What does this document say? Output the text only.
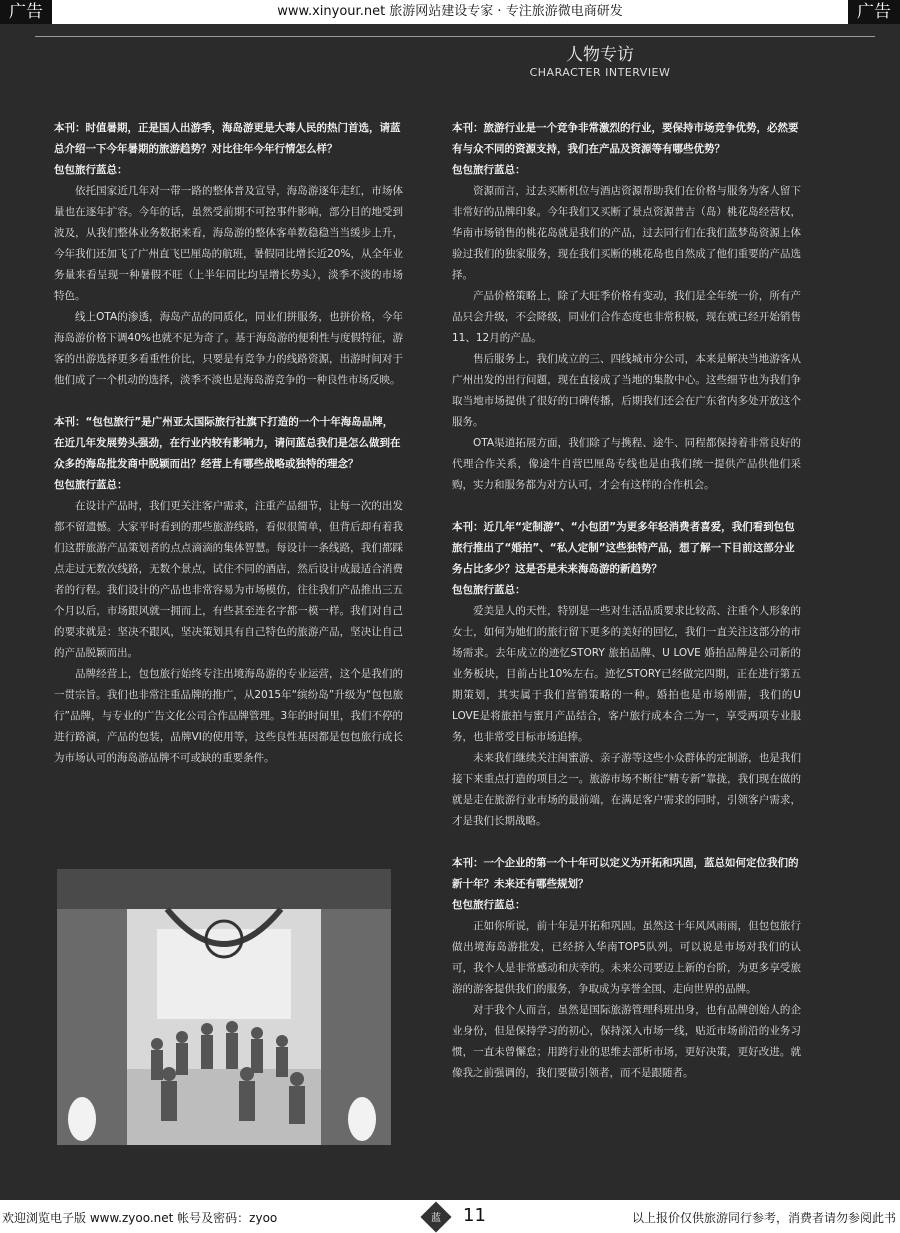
广告	www.xinyour.net 旅游网站建设专家 · 专注旅游微电商研发	广告
人物专访
CHARACTER INTERVIEW

本刊：时值暑期，正是国人出游季，海岛游更是大毒人民的热门首选，请蓝总介绍一下今年暑期的旅游趋势？对比往年今年行情怎么样？

包包旅行蓝总：

依托国家近几年对一带一路的整体普及宣导，海岛游逐年走红，市场体量也在逐年扩容。今年的话，虽然受前期不可控事件影响，部分目的地受到波及，从我们整体业务数据来看，海岛游的整体客单数稳稳当当缓步上升，今年我们还加飞了广州直飞巴厘岛的航班，暑假同比增长近20%，从全年业务量来看呈现一种暑假不旺（上半年同比均呈增长势头），淡季不淡的市场特色。

线上OTA的渗透，海岛产品的同质化，同业们拼服务，也拼价格，今年海岛游价格下调40%也就不足为奇了。基于海岛游的便利性与度假特征，游客的出游选择更多看重性价比，只要是有竞争力的线路资源，出游时间对于他们成了一个机动的选择，淡季不淡也是海岛游竞争的一种良性市场反映。

本刊：“包包旅行”是广州亚太国际旅行社旗下打造的一个十年海岛品牌，在近几年发展势头强劲，在行业内较有影响力，请问蓝总我们是怎么做到在众多的海岛批发商中脱颖而出？经营上有哪些战略或独特的理念？

包包旅行蓝总：

在设计产品时，我们更关注客户需求，注重产品细节，让每一次的出发都不留遗憾。大家平时看到的那些旅游线路，看似很简单，但背后却有着我们这群旅游产品策划者的点点滴滴的集体智慧。每设计一条线路，我们都踩点走过无数次线路，无数个景点，试住不同的酒店，然后设计成最适合消费者的行程。我们设计的产品也非常容易为市场模仿，往往我们产品推出三五个月以后，市场跟风就一拥而上，有些甚至连名字都一模一样。我们对自己的要求就是：坚决不跟风，坚决策划具有自己特色的旅游产品，坚决让自己的产品脱颖而出。

品牌经营上，包包旅行始终专注出境海岛游的专业运营，这个是我们的一贯宗旨。我们也非常注重品牌的推广，从2015年“缤纷岛”升级为“包包旅行”品牌，与专业的广告文化公司合作品牌管理。3年的时间里，我们不停的进行路演，产品的包装，品牌VI的使用等，这些良性基因都是包包旅行成长为市场认可的海岛游品牌不可或缺的重要条件。

本刊：旅游行业是一个竞争非常激烈的行业，要保持市场竞争优势，必然要有与众不同的资源支持，我们在产品及资源等有哪些优势？

包包旅行蓝总：

资源而言，过去买断机位与酒店资源帮助我们在价格与服务为客人留下非常好的品牌印象。今年我们又买断了景点资源普吉（岛）桃花岛经营权，华南市场销售的桃花岛就是我们的产品，过去同行们在我们蓝梦岛资源上体验过我们的独家服务，现在我们买断的桃花岛也自然成了他们重要的产品选择。

产品价格策略上，除了大旺季价格有变动，我们是全年统一价，所有产品只会升级，不会降级，同业们合作态度也非常积极，现在就已经开始销售11、12月的产品。

售后服务上，我们成立的三、四线城市分公司，本来是解决当地游客从广州出发的出行问题，现在直接成了当地的集散中心。这些细节也为我们争取当地市场提供了很好的口碑传播，后期我们还会在广东省内多处开放这个服务。

OTA渠道拓展方面，我们除了与携程、途牛、同程都保持着非常良好的代理合作关系，像途牛自营巴厘岛专线也是由我们统一提供产品供他们采购，实力和服务都为对方认可，才会有这样的合作机会。

本刊：近几年“定制游”、“小包团”为更多年轻消费者喜爱，我们看到包包旅行推出了“婚拍”、“私人定制”这些独特产品，想了解一下目前这部分业务占比多少？这是否是未来海岛游的新趋势？

包包旅行蓝总：

爱美是人的天性，特别是一些对生活品质要求比较高、注重个人形象的女士，如何为她们的旅行留下更多的美好的回忆，我们一直关注这部分的市场需求。去年成立的迹忆STORY 旅拍品牌、U LOVE 婚拍品牌是公司新的业务板块，目前占比10%左右。迹忆STORY已经做完四期，正在进行第五期策划，其实属于我们营销策略的一种。婚拍也是市场刚需，我们的U LOVE是将旅拍与蜜月产品结合，客户旅行成本合二为一，享受两项专业服务，也非常受目标市场追捧。

未来我们继续关注闺蜜游、亲子游等这些小众群体的定制游，也是我们接下来重点打造的项目之一。旅游市场不断往“精专新”靠拢，我们现在做的就是走在旅游行业市场的最前端，在满足客户需求的同时，引领客户需求，才是我们长期战略。

本刊：一个企业的第一个十年可以定义为开拓和巩固，蓝总如何定位我们的新十年？未来还有哪些规划？

包包旅行蓝总：

正如你所说，前十年是开拓和巩固。虽然这十年风风雨雨，但包包旅行做出境海岛游批发，已经挤入华南TOP5队列。可以说是市场对我们的认可，我个人是非常感动和庆幸的。未来公司要迈上新的台阶，为更多享受旅游的游客提供我们的服务，争取成为享誉全国、走向世界的品牌。

对于我个人而言，虽然是国际旅游管理科班出身，也有品牌创始人的企业身份，但是保持学习的初心，保持深入市场一线，贴近市场前沿的业务习惯，一直未曾懈怠；用跨行业的思维去部析市场，更好决策，更好改进。就像我之前强调的，我们要做引领者，而不是跟随者。

欢迎浏览电子版 www.zyoo.net 帐号及密码：zyoo	蓝	11	以上报价仅供旅游同行参考，消费者请勿参阅此书
